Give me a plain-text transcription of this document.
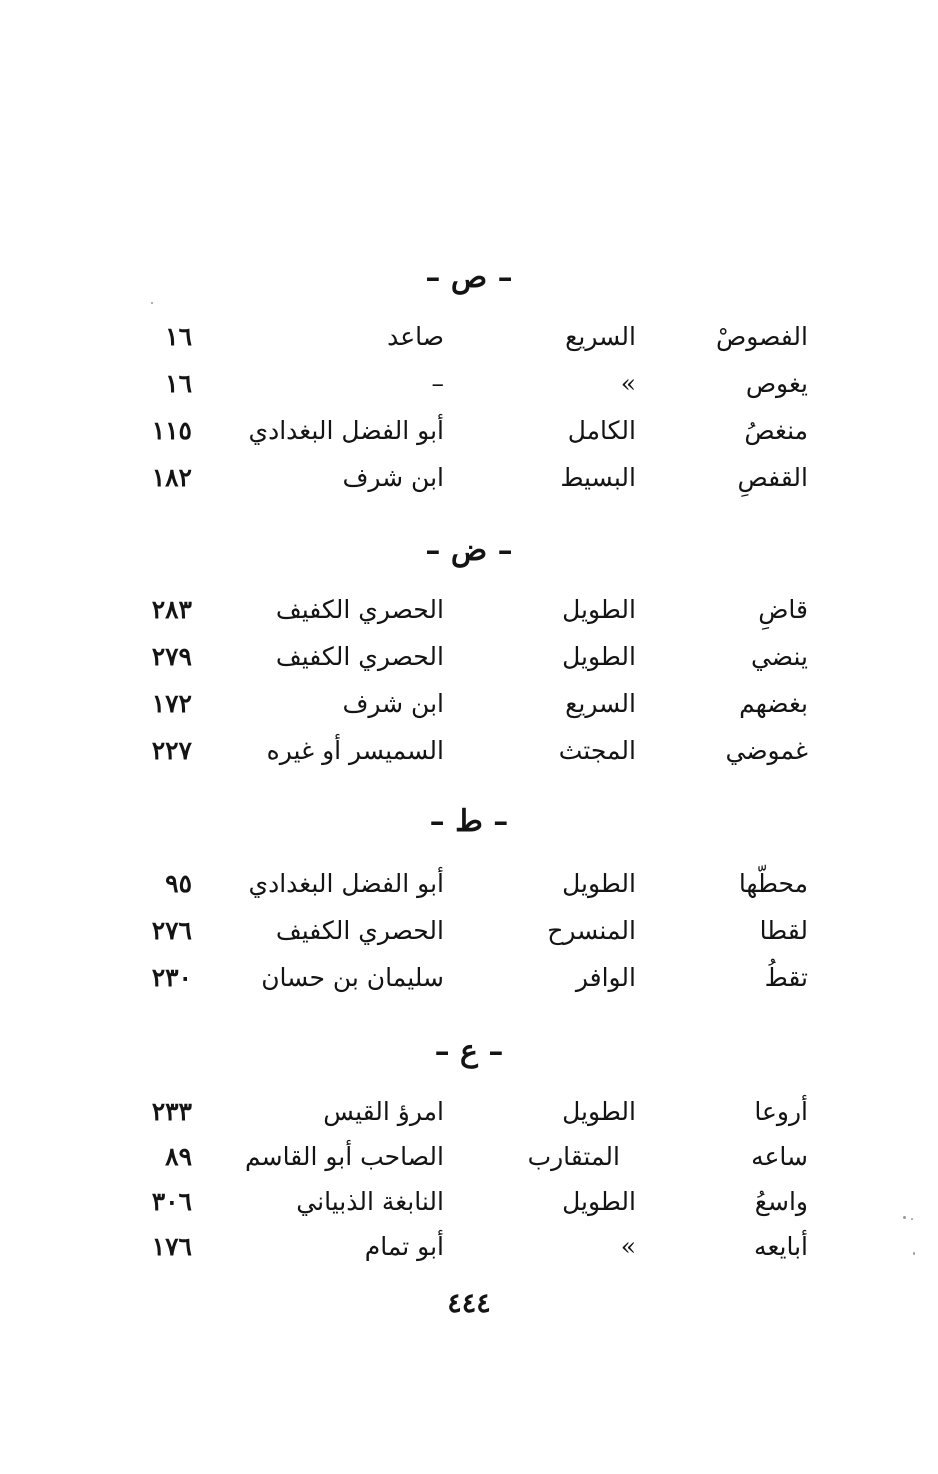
– ص –
الفصوصْ
السريع
صاعد
١٦
يغوص
»
–
١٦
منغصُ
الكامل
أبو الفضل البغدادي
١١٥
القفصِ
البسيط
ابن شرف
١٨٢
– ض –
قاضِ
الطويل
الحصري الكفيف
٢٨٣
ينضي
الطويل
الحصري الكفيف
٢٧٩
بغضهم
السريع
ابن شرف
١٧٢
غموضي
المجتث
السميسر أو غيره
٢٢٧
– ط –
محطّها
الطويل
أبو الفضل البغدادي
٩٥
لقطا
المنسرح
الحصري الكفيف
٢٧٦
تقطُ
الوافر
سليمان بن حسان
٢٣٠
– ع –
أروعا
الطويل
امرؤ القيس
٢٣٣
ساعه
المتقارب
الصاحب أبو القاسم
٨٩
واسعُ
الطويل
النابغة الذبياني
٣٠٦
أبايعه
»
أبو تمام
١٧٦
٤٤٤
